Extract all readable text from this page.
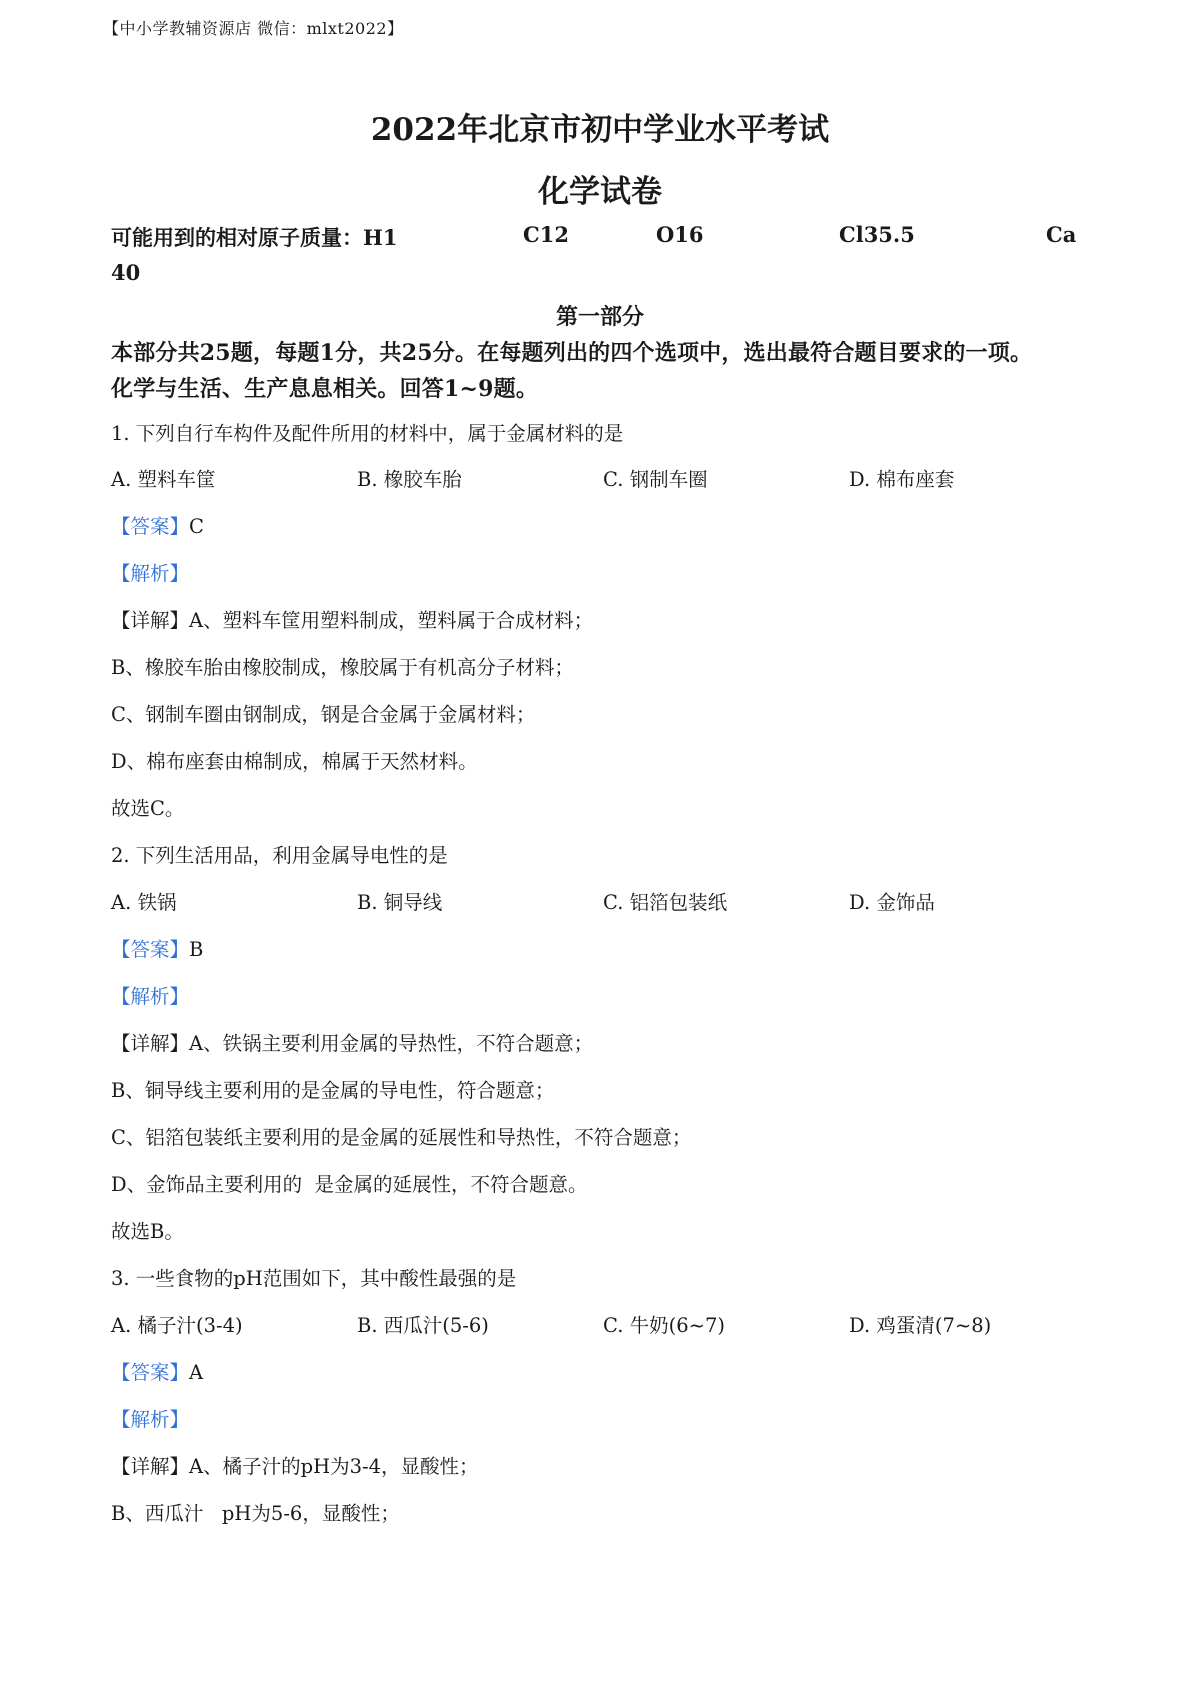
【中小学教辅资源店 微信：mlxt2022】
2022年北京市初中学业水平考试
化学试卷
可能用到的相对原子质量：H1	C12	O16	Cl35.5	Ca
40
第一部分
本部分共25题，每题1分，共25分。在每题列出的四个选项中，选出最符合题目要求的一项。
化学与生活、生产息息相关。回答1~9题。
1. 下列自行车构件及配件所用的材料中，属于金属材料的是
A. 塑料车筐	B. 橡胶车胎	C. 钢制车圈	D. 棉布座套
【答案】C
【解析】
【详解】A、塑料车筐用塑料制成，塑料属于合成材料；
B、橡胶车胎由橡胶制成，橡胶属于有机高分子材料；
C、钢制车圈由钢制成，钢是合金属于金属材料；
D、棉布座套由棉制成，棉属于天然材料。
故选C。
2. 下列生活用品，利用金属导电性的是
A. 铁锅	B. 铜导线	C. 铝箔包装纸	D. 金饰品
【答案】B
【解析】
【详解】A、铁锅主要利用金属的导热性，不符合题意；
B、铜导线主要利用的是金属的导电性，符合题意；
C、铝箔包装纸主要利用的是金属的延展性和导热性，不符合题意；
D、金饰品主要利用的  是金属的延展性，不符合题意。
故选B。
3. 一些食物的pH范围如下，其中酸性最强的是
A. 橘子汁(3-4)	B. 西瓜汁(5-6)	C. 牛奶(6~7)	D. 鸡蛋清(7~8)
【答案】A
【解析】
【详解】A、橘子汁的pH为3-4，显酸性；
B、西瓜汁   pH为5-6，显酸性；
